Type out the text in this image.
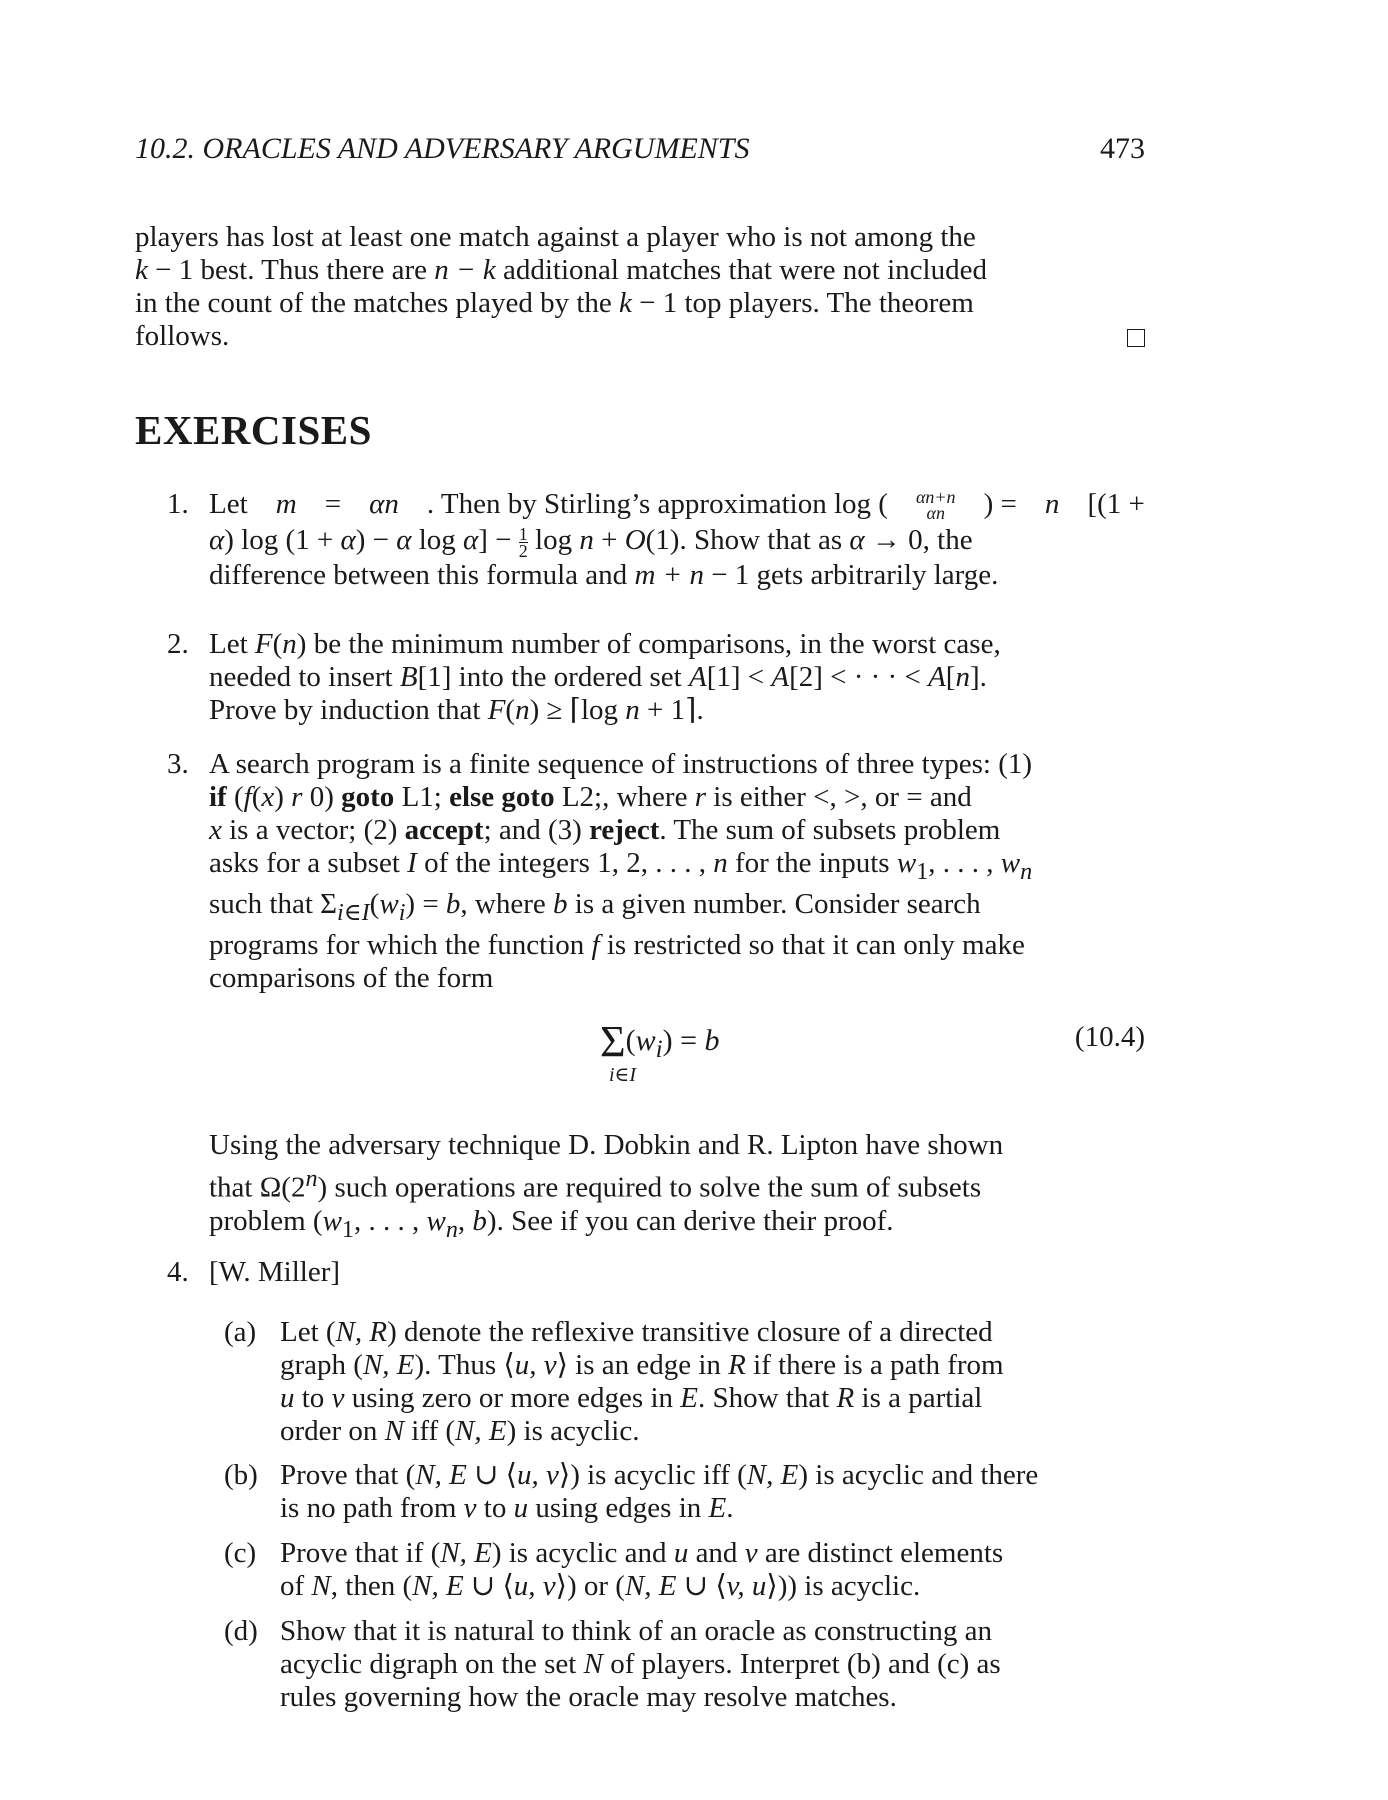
10.2. ORACLES AND ADVERSARY ARGUMENTS	473
players has lost at least one match against a player who is not among the
k − 1 best. Thus there are n − k additional matches that were not included
in the count of the matches played by the k − 1 top players. The theorem
follows.
EXERCISES
1. Let m = αn . Then by Stirling’s approximation log ( αn+n
αn	) = n [(1 +
α) log (1 + α) − α $\log \alpha] - \frac{1}{2}$ log n + O(1). Show that as α → 0, the
difference between this formula and m + n − 1 gets arbitrarily large.
2. Let F(n) be the minimum number of comparisons, in the worst case,
needed to insert B[1] into the ordered set A[1] < A[2] < · · · < A[n].
Prove by induction that F(n) ≥ ⌈log n + 1⌉.
3. A search program is a finite sequence of instructions of three types: (1)
if (f(x) r 0) goto L1; else goto L2;, where r is either <, >, or = and
x is a vector; (2) accept; and (3) reject. The sum of subsets problem
asks for a subset I of the integers 1, 2, . . . , n for the inputs $w_1$, . . . , $w_n$
such that $\Sigma_{i\in I}(w_i) = b$, where b is a given number. Consider search
programs for which the function f is restricted so that it can only make
comparisons of the form
$\Sigma(w_i) = b$
i∈I
(10.4)
Using the adversary technique D. Dobkin and R. Lipton have shown
that Ω(2$^n$) such operations are required to solve the sum of subsets
problem ($w_1$, . . . , $w_n$, b). See if you can derive their proof.
4. [W. Miller]
(a) Let (N, R) denote the reflexive transitive closure of a directed
graph (N, E). Thus ⟨u, v⟩ is an edge in R if there is a path from
u to v using zero or more edges in E. Show that R is a partial
order on N iff (N, E) is acyclic.
(b) Prove that (N, E ∪ ⟨u, v⟩) is acyclic iff (N, E) is acyclic and there
is no path from v to u using edges in E.
(c) Prove that if (N, E) is acyclic and u and v are distinct elements
of N, then (N, E ∪ ⟨u, v⟩) or (N, E ∪ ⟨v, u⟩)) is acyclic.
(d) Show that it is natural to think of an oracle as constructing an
acyclic digraph on the set N of players. Interpret (b) and (c) as
rules governing how the oracle may resolve matches.
